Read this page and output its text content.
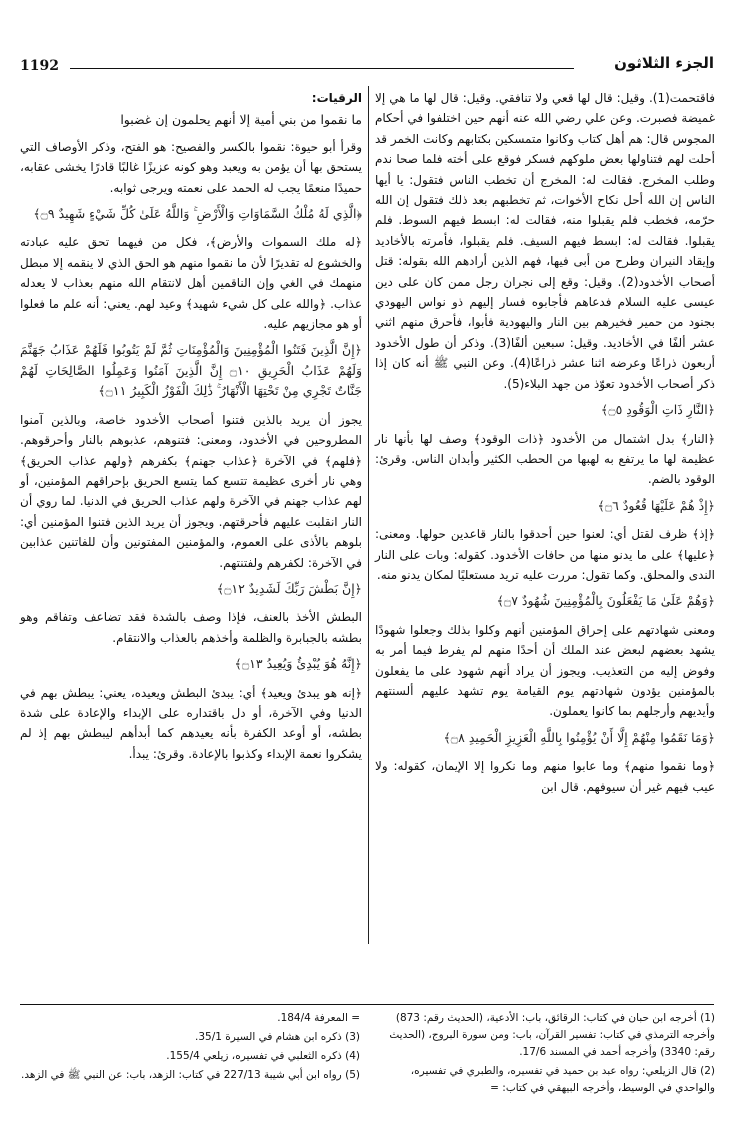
1192	الجزء الثلاثون

فاقتحمت(1). وقيل: قال لها قعي ولا تنافقي. وقيل: قال لها ما هي إلا غميضة فصبرت. وعن علي رضي الله عنه أنهم حين اختلفوا في أحكام المجوس قال: هم أهل كتاب وكانوا متمسكين بكتابهم وكانت الخمر قد أحلت لهم فتناولها بعض ملوكهم فسكر فوقع على أخته فلما صحا ندم وطلب المخرج. فقالت له: المخرج أن تخطب الناس فتقول: يا أيها الناس إن الله أحل نكاح الأخوات، ثم تخطبهم بعد ذلك فتقول إن الله حرّمه، فخطب فلم يقبلوا منه، فقالت له: ابسط فيهم السوط. فلم يقبلوا. فقالت له: ابسط فيهم السيف. فلم يقبلوا، فأمرته بالأخاديد وإيقاد النيران وطرح من أبى فيها، فهم الذين أرادهم الله بقوله: قتل أصحاب الأخدود(2). وقيل: وقع إلى نجران رجل ممن كان على دين عيسى عليه السلام فدعاهم فأجابوه فسار إليهم ذو نواس اليهودي بجنود من حمير فخيرهم بين النار واليهودية فأبوا، فأحرق منهم اثني عشر ألفًا في الأخاديد. وقيل: سبعين ألفًا(3). وذكر أن طول الأخدود أربعون ذراعًا وعرضه اثنا عشر ذراعًا(4). وعن النبي ﷺ أنه كان إذا ذكر أصحاب الأخدود تعوّذ من جهد البلاء(5).

﴿النَّارِ ذَاتِ الْوَقُودِ ۝٥﴾

﴿النار﴾ بدل اشتمال من الأخدود ﴿ذات الوقود﴾ وصف لها بأنها نار عظيمة لها ما يرتفع به لهبها من الحطب الكثير وأبدان الناس. وقرئ: الوقود بالضم.

﴿إِذْ هُمْ عَلَيْهَا قُعُودٌ ۝٦﴾

﴿إذ﴾ ظرف لقتل أي: لعنوا حين أحدقوا بالنار قاعدين حولها. ومعنى: ﴿عليها﴾ على ما يدنو منها من حافات الأخدود. كقوله: وبات على النار الندى والمحلق. وكما تقول: مررت عليه تريد مستعليًا لمكان يدنو منه.

﴿وَهُمْ عَلَىٰ مَا يَفْعَلُونَ بِالْمُؤْمِنِينَ شُهُودٌ ۝٧﴾

ومعنى شهادتهم على إحراق المؤمنين أنهم وكلوا بذلك وجعلوا شهودًا يشهد بعضهم لبعض عند الملك أن أحدًا منهم لم يفرط فيما أمر به وفوض إليه من التعذيب. ويجوز أن يراد أنهم شهود على ما يفعلون بالمؤمنين يؤدون شهادتهم يوم القيامة يوم تشهد عليهم ألسنتهم وأيديهم وأرجلهم بما كانوا يعملون.

﴿وَمَا نَقَمُوا مِنْهُمْ إِلَّا أَنْ يُؤْمِنُوا بِاللَّهِ الْعَزِيزِ الْحَمِيدِ ۝٨﴾

﴿وما نقموا منهم﴾ وما عابوا منهم وما نكروا إلا الإيمان، كقوله: ولا عيب فيهم غير أن سيوفهم. قال ابن

الرقيات:

ما نقموا من بني أمية إلا أنهم يحلمون إن غضبوا

وقرأ أبو حيوة: نقموا بالكسر والفصيح: هو الفتح، وذكر الأوصاف التي يستحق بها أن يؤمن به ويعبد وهو كونه عزيزًا غالبًا قادرًا يخشى عقابه، حميدًا منعمًا يجب له الحمد على نعمته ويرجى ثوابه.

﴿الَّذِي لَهُ مُلْكُ السَّمَاوَاتِ وَالْأَرْضِ ۚ وَاللَّهُ عَلَىٰ كُلِّ شَيْءٍ شَهِيدٌ ۝٩﴾

﴿له ملك السموات والأرض﴾، فكل من فيهما تحق عليه عبادته والخشوع له تقديرًا لأن ما نقموا منهم هو الحق الذي لا ينقمه إلا مبطل منهمك في الغي وإن الناقمين أهل لانتقام الله منهم بعذاب لا يعدله عذاب. ﴿والله على كل شيء شهيد﴾ وعيد لهم. يعني: أنه علم ما فعلوا أو هو مجازيهم عليه.

﴿إِنَّ الَّذِينَ فَتَنُوا الْمُؤْمِنِينَ وَالْمُؤْمِنَاتِ ثُمَّ لَمْ يَتُوبُوا فَلَهُمْ عَذَابُ جَهَنَّمَ وَلَهُمْ عَذَابُ الْحَرِيقِ ۝١٠ إِنَّ الَّذِينَ آمَنُوا وَعَمِلُوا الصَّالِحَاتِ لَهُمْ جَنَّاتٌ تَجْرِي مِنْ تَحْتِهَا الْأَنْهَارُ ۚ ذَٰلِكَ الْفَوْزُ الْكَبِيرُ ۝١١﴾

يجوز أن يريد بالذين فتنوا أصحاب الأخدود خاصة، وبالذين آمنوا المطروحين في الأخدود، ومعنى: فتنوهم، عذبوهم بالنار وأحرقوهم. ﴿فلهم﴾ في الآخرة ﴿عذاب جهنم﴾ بكفرهم ﴿ولهم عذاب الحريق﴾ وهي نار أخرى عظيمة تتسع كما يتسع الحريق بإحراقهم المؤمنين، أو لهم عذاب جهنم في الآخرة ولهم عذاب الحريق في الدنيا. لما روي أن النار انقلبت عليهم فأحرقتهم. ويجوز أن يريد الذين فتنوا المؤمنين أي: بلوهم بالأذى على العموم، والمؤمنين المفتونين وأن للفاتنين عذابين في الآخرة: لكفرهم ولفتنتهم.

﴿إِنَّ بَطْشَ رَبِّكَ لَشَدِيدٌ ۝١٢﴾

البطش الأخذ بالعنف، فإذا وصف بالشدة فقد تضاعف وتفاقم وهو بطشه بالجبابرة والظلمة وأخذهم بالعذاب والانتقام.

﴿إِنَّهُ هُوَ يُبْدِئُ وَيُعِيدُ ۝١٣﴾

﴿إنه هو يبدئ ويعيد﴾ أي: يبدئ البطش ويعيده، يعني: يبطش بهم في الدنيا وفي الآخرة، أو دل باقتداره على الإبداء والإعادة على شدة بطشه، أو أوعد الكفرة بأنه يعيدهم كما أبدأهم ليبطش بهم إذ لم يشكروا نعمة الإبداء وكذبوا بالإعادة. وقرئ: يبدأ.

(1) أخرجه ابن حبان في كتاب: الرقائق، باب: الأدعية، (الحديث رقم: 873) وأخرجه الترمذي في كتاب: تفسير القرآن، باب: ومن سورة البروج، (الحديث رقم: 3340) وأخرجه أحمد في المسند 17/6.

(2) قال الزيلعي: رواه عبد بن حميد في تفسيره، والطبري في تفسيره، والواحدي في الوسيط، وأخرجه البيهقي في كتاب: =

= المعرفة 184/4.

(3) ذكره ابن هشام في السيرة 35/1.

(4) ذكره الثعلبي في تفسيره، زيلعي 155/4.

(5) رواه ابن أبي شيبة 227/13 في كتاب: الزهد، باب: عن النبي ﷺ في الزهد.
